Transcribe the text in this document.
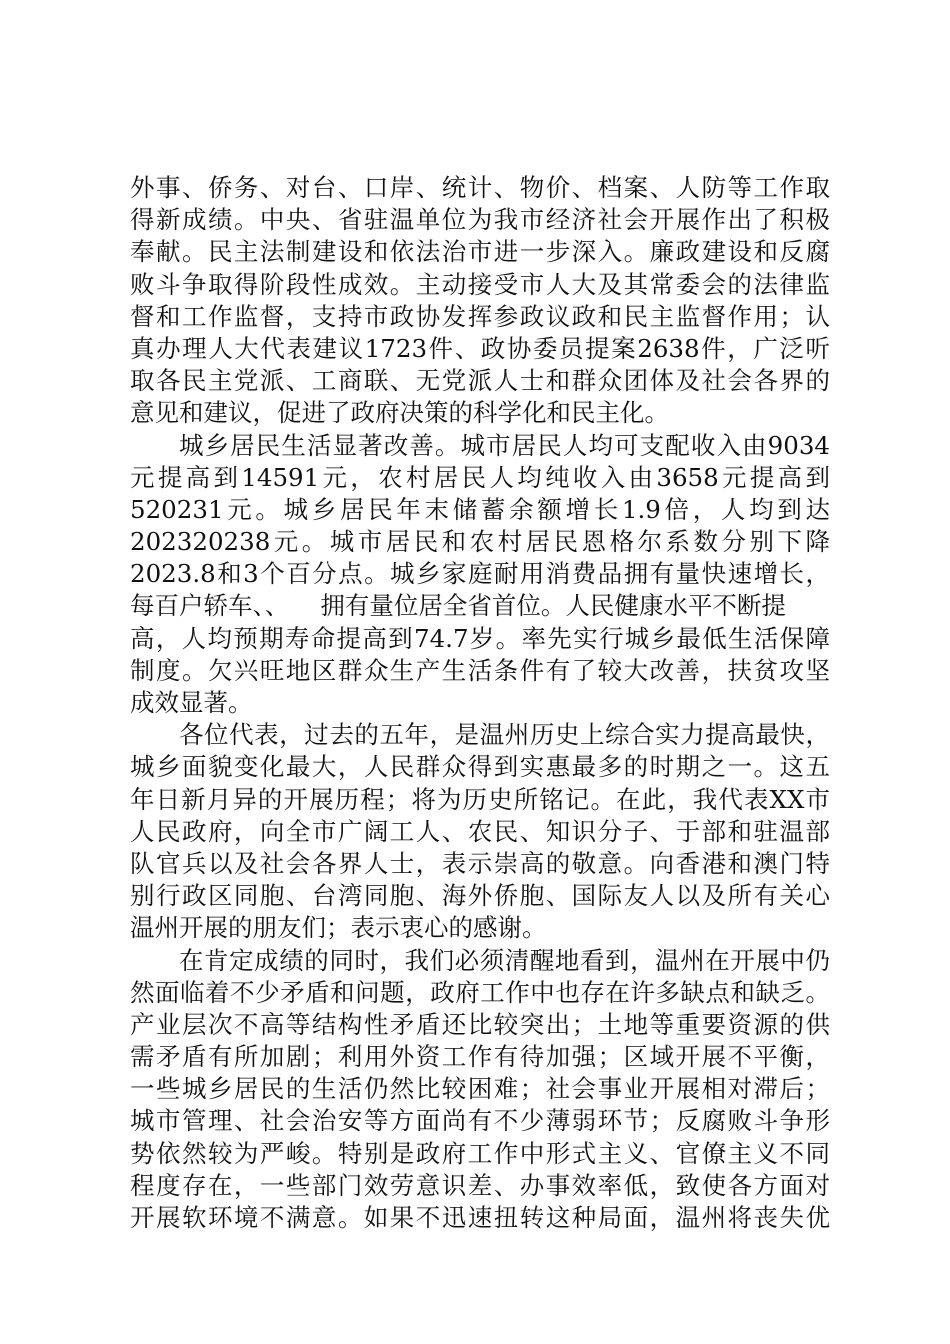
外事、侨务、对台、口岸、统计、物价、档案、人防等工作取
得新成绩。中央、省驻温单位为我市经济社会开展作出了积极
奉献。民主法制建设和依法治市进一步深入。廉政建设和反腐
败斗争取得阶段性成效。主动接受市人大及其常委会的法律监
督和工作监督，支持市政协发挥参政议政和民主监督作用；认
真办理人大代表建议1723件、政协委员提案2638件，广泛听
取各民主党派、工商联、无党派人士和群众团体及社会各界的
意见和建议，促进了政府决策的科学化和民主化。
城乡居民生活显著改善。城市居民人均可支配收入由9034
元提高到14591元，农村居民人均纯收入由3658元提高到
520231元。城乡居民年末储蓄余额增长1.9倍，人均到达
202320238元。城市居民和农村居民恩格尔系数分别下降
2023.8和3个百分点。城乡家庭耐用消费品拥有量快速增长，
每百户轿车、、    拥有量位居全省首位。人民健康水平不断提
高，人均预期寿命提高到74.7岁。率先实行城乡最低生活保障
制度。欠兴旺地区群众生产生活条件有了较大改善，扶贫攻坚
成效显著。
各位代表，过去的五年，是温州历史上综合实力提高最快，
城乡面貌变化最大，人民群众得到实惠最多的时期之一。这五
年日新月异的开展历程；将为历史所铭记。在此，我代表XX市
人民政府，向全市广阔工人、农民、知识分子、于部和驻温部
队官兵以及社会各界人士，表示崇高的敬意。向香港和澳门特
别行政区同胞、台湾同胞、海外侨胞、国际友人以及所有关心
温州开展的朋友们；表示衷心的感谢。
在肯定成绩的同时，我们必须清醒地看到，温州在开展中仍
然面临着不少矛盾和问题，政府工作中也存在许多缺点和缺乏。
产业层次不高等结构性矛盾还比较突出；土地等重要资源的供
需矛盾有所加剧；利用外资工作有待加强；区域开展不平衡，
一些城乡居民的生活仍然比较困难；社会事业开展相对滞后；
城市管理、社会治安等方面尚有不少薄弱环节；反腐败斗争形
势依然较为严峻。特别是政府工作中形式主义、官僚主义不同
程度存在，一些部门效劳意识差、办事效率低，致使各方面对
开展软环境不满意。如果不迅速扭转这种局面，温州将丧失优
